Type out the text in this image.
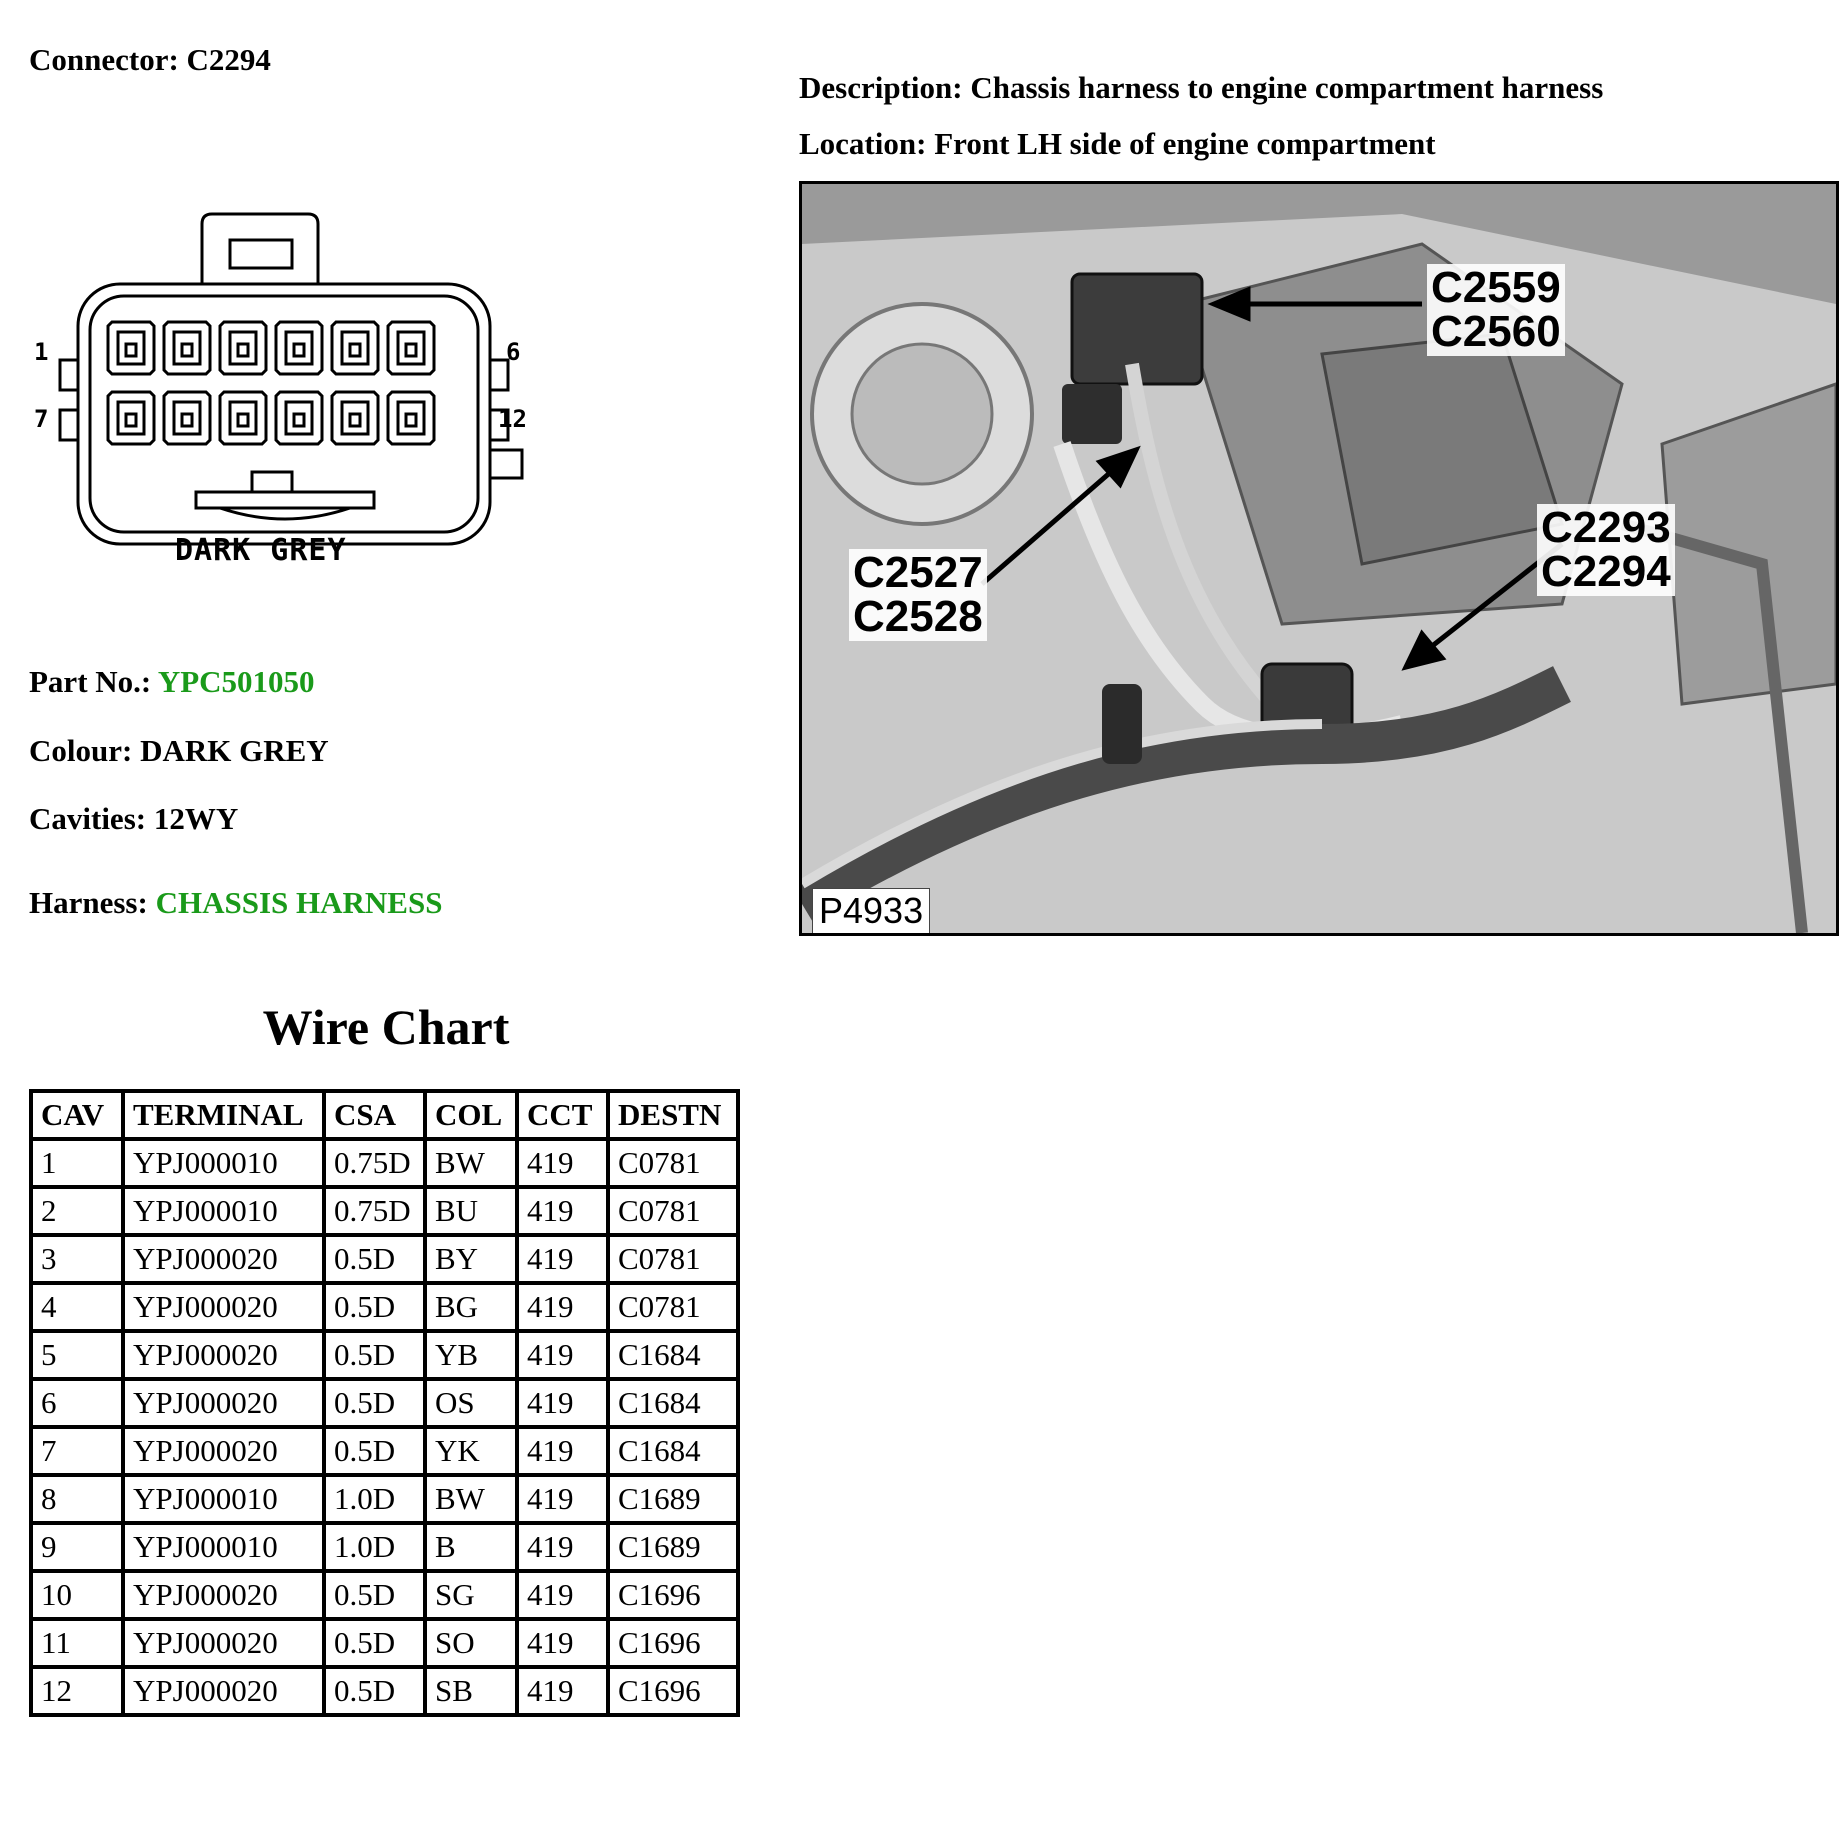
Connector: C2294
Description: Chassis harness to engine compartment harness
Location: Front LH side of engine compartment
1
7
6
12
DARK GREY
C2559
C2560
C2527
C2528
C2293
C2294
P4933
Part No.: YPC501050
Colour: DARK GREY
Cavities: 12WY
Harness: CHASSIS HARNESS
Wire Chart
CAV	TERMINAL	CSA	COL	CCT	DESTN
1	YPJ000010	0.75D	BW	419	C0781
2	YPJ000010	0.75D	BU	419	C0781
3	YPJ000020	0.5D	BY	419	C0781
4	YPJ000020	0.5D	BG	419	C0781
5	YPJ000020	0.5D	YB	419	C1684
6	YPJ000020	0.5D	OS	419	C1684
7	YPJ000020	0.5D	YK	419	C1684
8	YPJ000010	1.0D	BW	419	C1689
9	YPJ000010	1.0D	B	419	C1689
10	YPJ000020	0.5D	SG	419	C1696
11	YPJ000020	0.5D	SO	419	C1696
12	YPJ000020	0.5D	SB	419	C1696
